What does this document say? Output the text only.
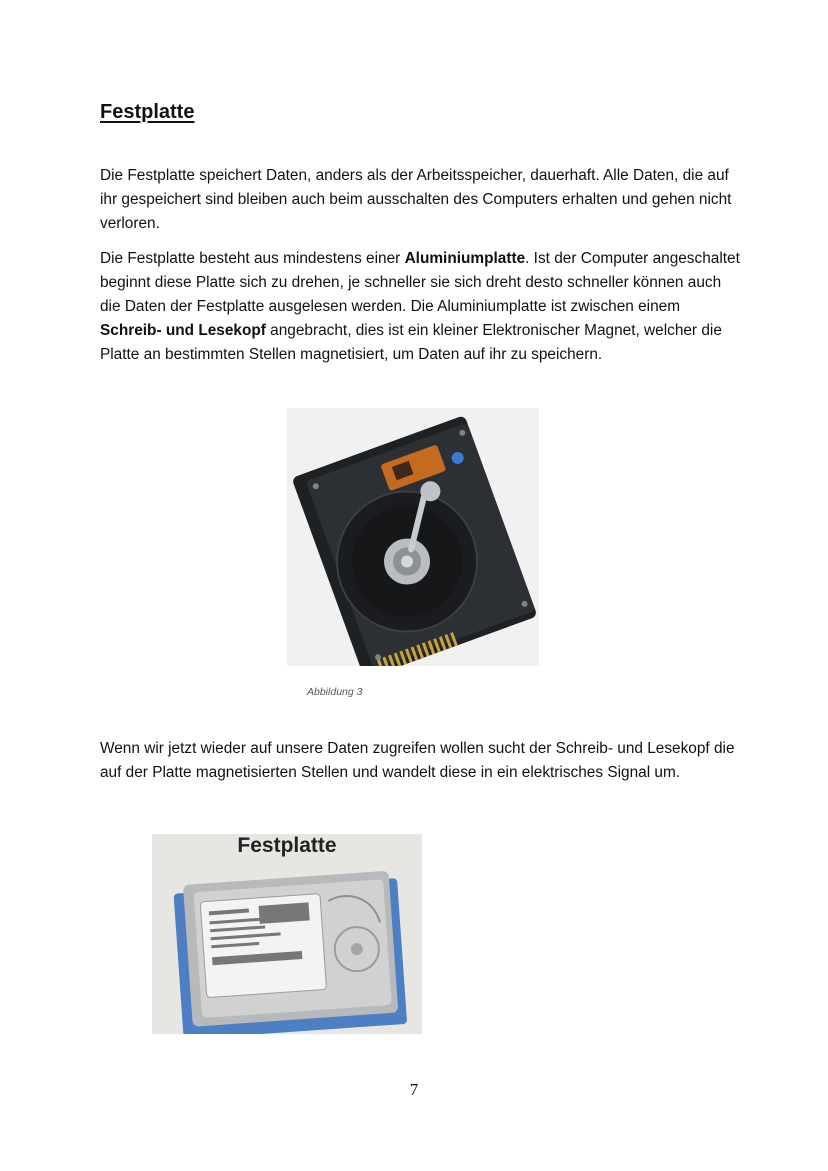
Festplatte

Die Festplatte speichert Daten, anders als der Arbeitsspeicher, dauerhaft. Alle Daten, die auf ihr gespeichert sind bleiben auch beim ausschalten des Computers erhalten und gehen nicht verloren.

Die Festplatte besteht aus mindestens einer Aluminiumplatte. Ist der Computer angeschaltet beginnt diese Platte sich zu drehen, je schneller sie sich dreht desto schneller können auch die Daten der Festplatte ausgelesen werden. Die Aluminiumplatte ist zwischen einem Schreib- und Lesekopf angebracht, dies ist ein kleiner Elektronischer Magnet, welcher die Platte an bestimmten Stellen magnetisiert, um Daten auf ihr zu speichern.

Abbildung 3

Wenn wir jetzt wieder auf unsere Daten zugreifen wollen sucht der Schreib- und Lesekopf die auf der Platte magnetisierten Stellen und wandelt diese in ein elektrisches Signal um.

Festplatte
7
